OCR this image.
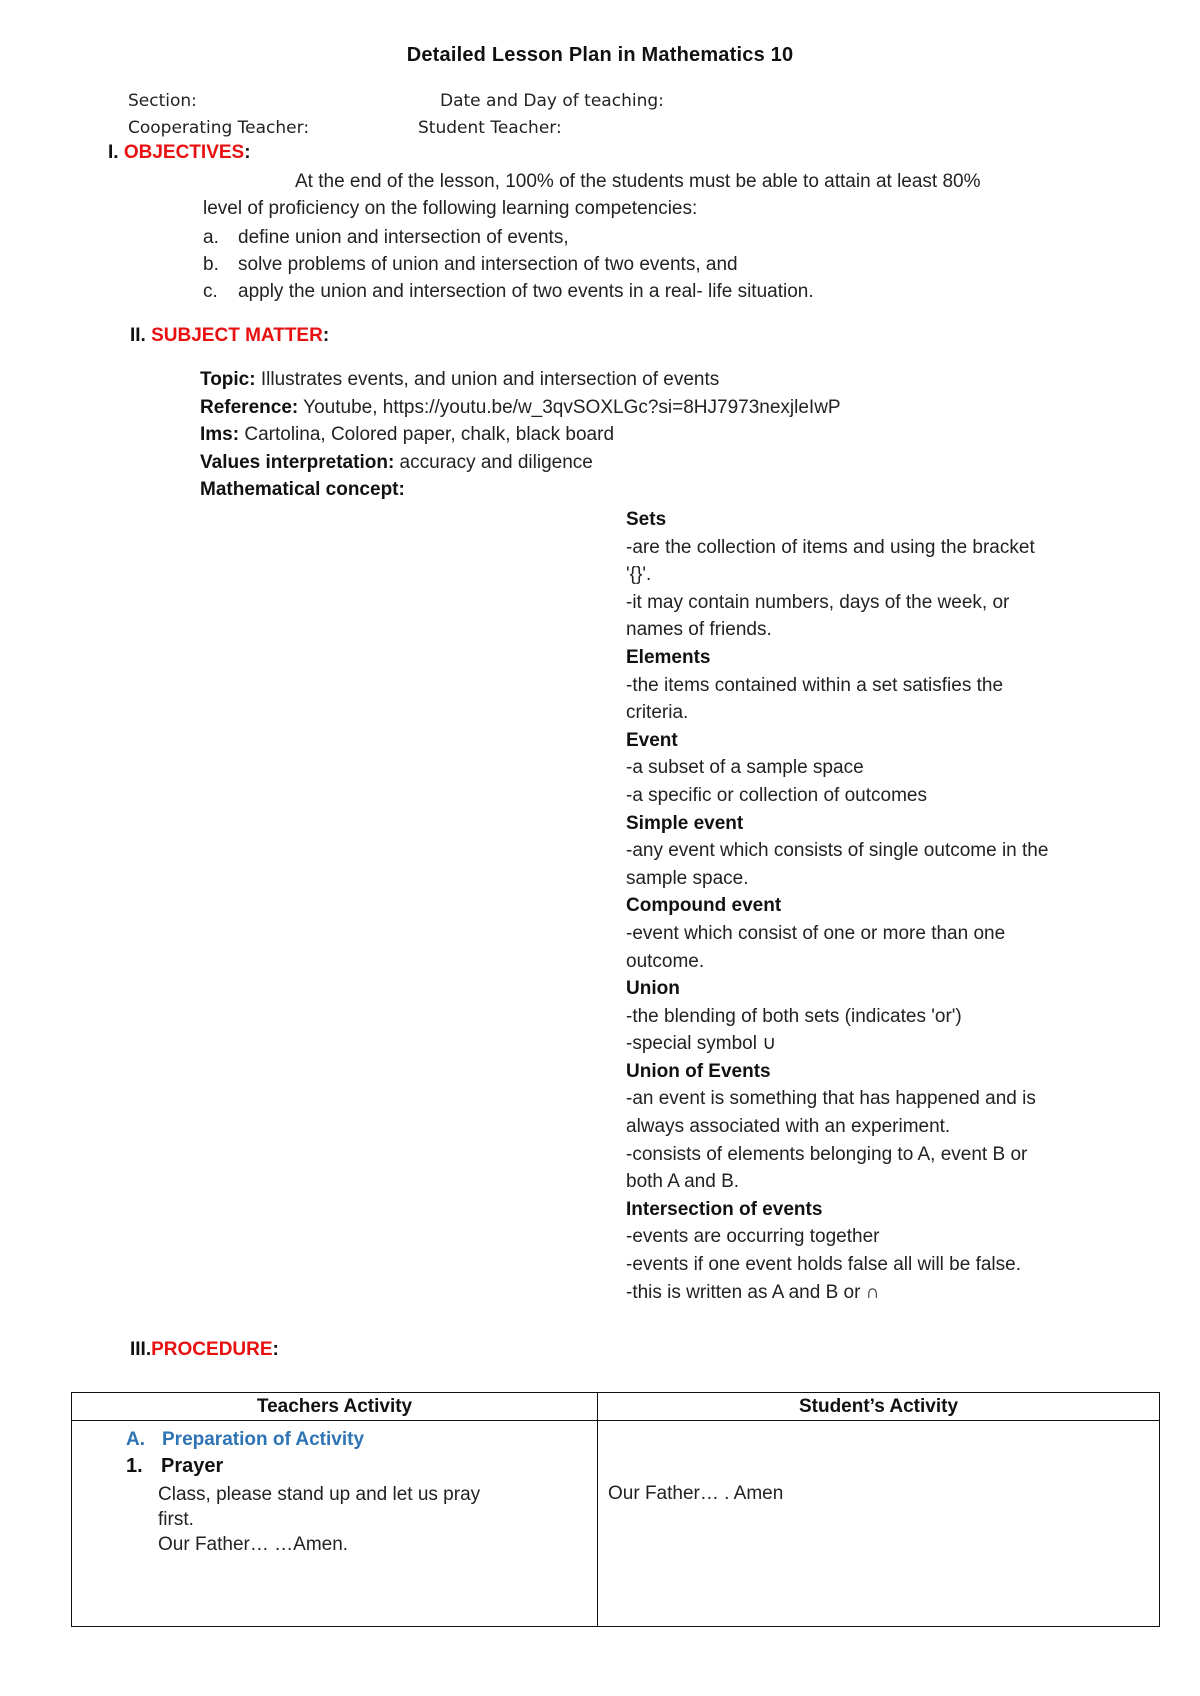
Detailed Lesson Plan in Mathematics 10
Section:	Date and Day of teaching:
Cooperating Teacher:	Student Teacher:
I. OBJECTIVES:
At the end of the lesson, 100% of the students must be able to attain at least 80%
level of proficiency on the following learning competencies:
a. define union and intersection of events,
b. solve problems of union and intersection of two events, and
c. apply the union and intersection of two events in a real- life situation.
II. SUBJECT MATTER:
Topic: Illustrates events, and union and intersection of events
Reference: Youtube, https://youtu.be/w_3qvSOXLGc?si=8HJ7973nexjleIwP
Ims: Cartolina, Colored paper, chalk, black board
Values interpretation: accuracy and diligence
Mathematical concept:
Sets
-are the collection of items and using the bracket
'{}'.
-it may contain numbers, days of the week, or
names of friends.
Elements
-the items contained within a set satisfies the
criteria.
Event
-a subset of a sample space
-a specific or collection of outcomes
Simple event
-any event which consists of single outcome in the
sample space.
Compound event
-event which consist of one or more than one
outcome.
Union
-the blending of both sets (indicates 'or')
-special symbol ∪
Union of Events
-an event is something that has happened and is
always associated with an experiment.
-consists of elements belonging to A, event B or
both A and B.
Intersection of events
-events are occurring together
-events if one event holds false all will be false.
-this is written as A and B or ∩
III.PROCEDURE:
Teachers Activity	Student’s Activity

A. Preparation of Activity
1. Prayer
Class, please stand up and let us pray
first.
Our Father… …Amen.	Our Father… . Amen
